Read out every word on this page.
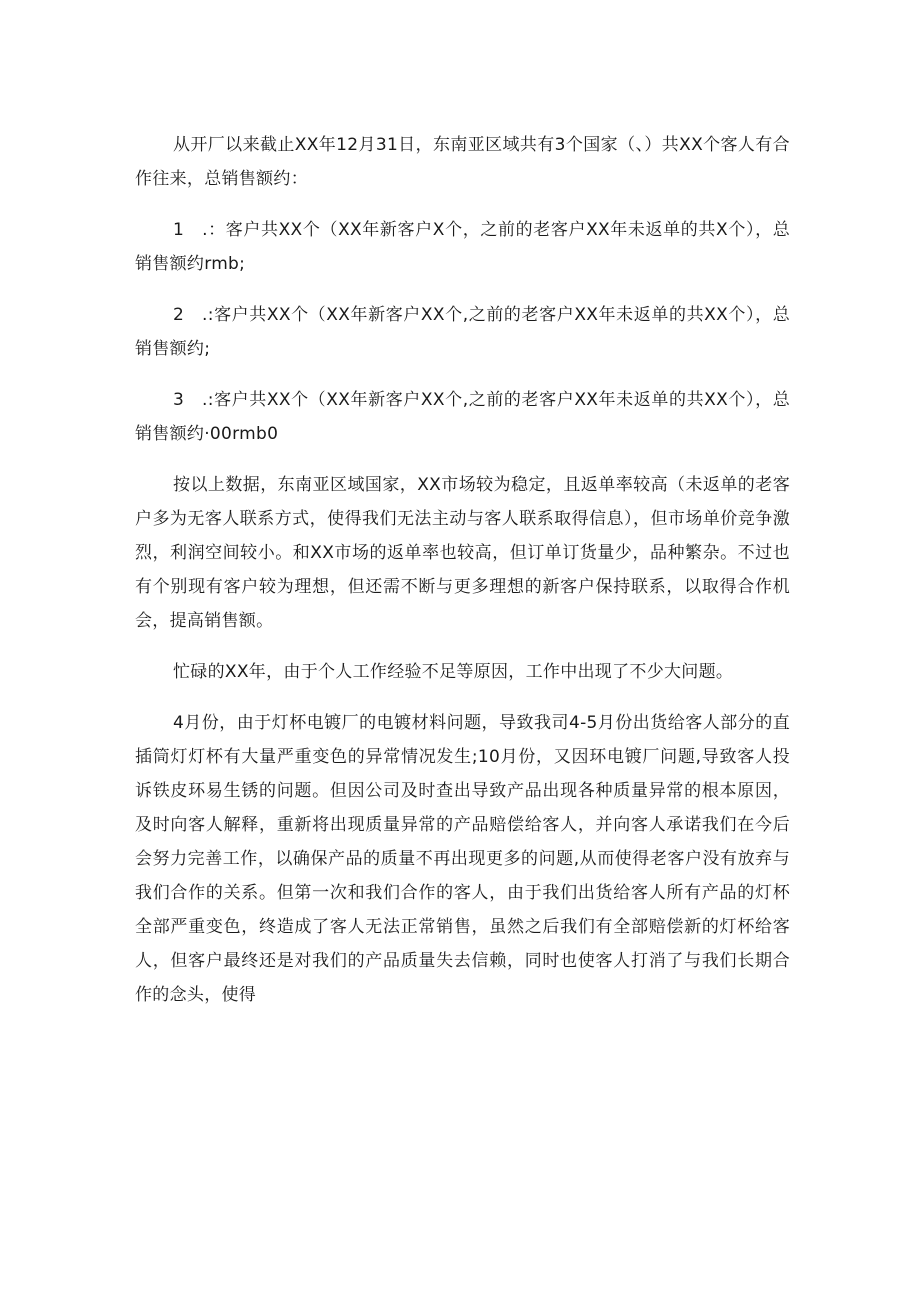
从开厂以来截止XX年12月31日，东南亚区域共有3个国家（、）共XX个客人有合作往来，总销售额约：

1　.：客户共XX个（XX年新客户X个，之前的老客户XX年未返单的共X个），总销售额约rmb;

2　.:客户共XX个（XX年新客户XX个,之前的老客户XX年未返单的共XX个），总销售额约;

3　.:客户共XX个（XX年新客户XX个,之前的老客户XX年未返单的共XX个），总销售额约·00rmb0

按以上数据，东南亚区域国家，XX市场较为稳定，且返单率较高（未返单的老客户多为无客人联系方式，使得我们无法主动与客人联系取得信息），但市场单价竞争激烈，利润空间较小。和XX市场的返单率也较高，但订单订货量少，品种繁杂。不过也有个别现有客户较为理想，但还需不断与更多理想的新客户保持联系，以取得合作机会，提高销售额。

忙碌的XX年，由于个人工作经验不足等原因，工作中出现了不少大问题。

4月份，由于灯杯电镀厂的电镀材料问题，导致我司4-5月份出货给客人部分的直插筒灯灯杯有大量严重变色的异常情况发生;10月份，又因环电镀厂问题,导致客人投诉铁皮环易生锈的问题。但因公司及时查出导致产品出现各种质量异常的根本原因，及时向客人解释，重新将出现质量异常的产品赔偿给客人，并向客人承诺我们在今后会努力完善工作，以确保产品的质量不再出现更多的问题,从而使得老客户没有放弃与我们合作的关系。但第一次和我们合作的客人，由于我们出货给客人所有产品的灯杯全部严重变色，终造成了客人无法正常销售，虽然之后我们有全部赔偿新的灯杯给客人，但客户最终还是对我们的产品质量失去信赖，同时也使客人打消了与我们长期合作的念头，使得
